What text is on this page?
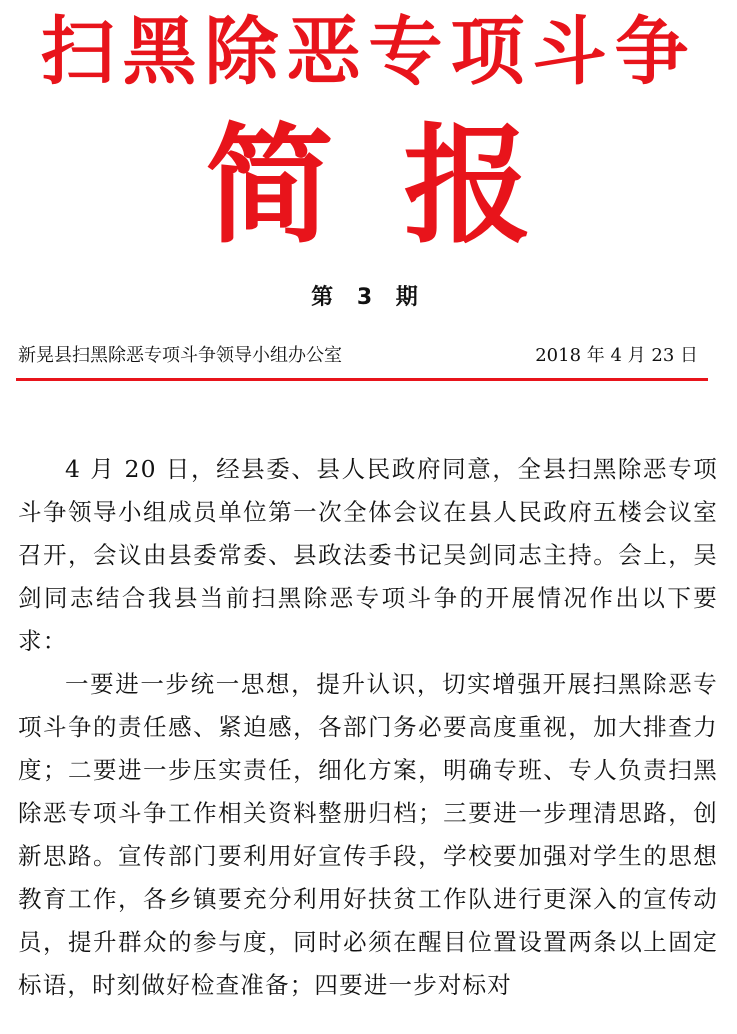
扫黑除恶专项斗争
简报
第 3 期
新晃县扫黑除恶专项斗争领导小组办公室	2018 年 4 月 23 日

4 月 20 日，经县委、县人民政府同意，全县扫黑除恶专项斗争领导小组成员单位第一次全体会议在县人民政府五楼会议室召开，会议由县委常委、县政法委书记吴剑同志主持。会上，吴剑同志结合我县当前扫黑除恶专项斗争的开展情况作出以下要求：

一要进一步统一思想，提升认识，切实增强开展扫黑除恶专项斗争的责任感、紧迫感，各部门务必要高度重视，加大排查力度；二要进一步压实责任，细化方案，明确专班、专人负责扫黑除恶专项斗争工作相关资料整册归档；三要进一步理清思路，创新思路。宣传部门要利用好宣传手段，学校要加强对学生的思想教育工作，各乡镇要充分利用好扶贫工作队进行更深入的宣传动员，提升群众的参与度，同时必须在醒目位置设置两条以上固定标语，时刻做好检查准备；四要进一步对标对
